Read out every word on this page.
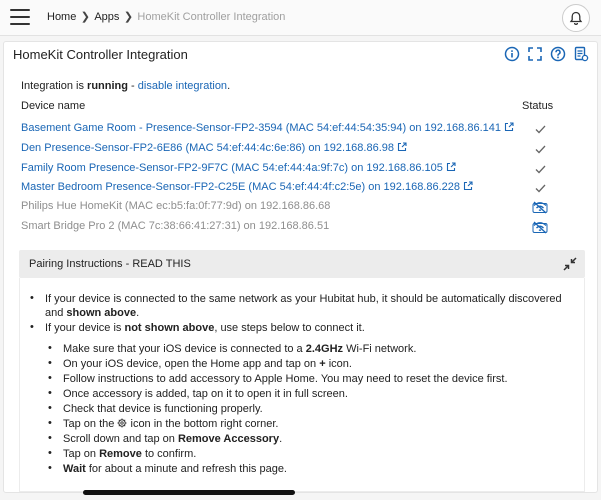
Home ❯ Apps ❯ HomeKit Controller Integration
HomeKit Controller Integration
Integration is running - disable integration.
Device name	Status
Basement Game Room - Presence-Sensor-FP2-3594 (MAC 54:ef:44:54:35:94) on 192.168.86.141
Den Presence-Sensor-FP2-6E86 (MAC 54:ef:44:4c:6e:86) on 192.168.86.98
Family Room Presence-Sensor-FP2-9F7C (MAC 54:ef:44:4a:9f:7c) on 192.168.86.105
Master Bedroom Presence-Sensor-FP2-C25E (MAC 54:ef:44:4f:c2:5e) on 192.168.86.228
Philips Hue HomeKit (MAC ec:b5:fa:0f:77:9d) on 192.168.86.68
Smart Bridge Pro 2 (MAC 7c:38:66:41:27:31) on 192.168.86.51
Pairing Instructions - READ THIS
• If your device is connected to the same network as your Hubitat hub, it should be automatically discovered
and shown above.
• If your device is not shown above, use steps below to connect it.
• Make sure that your iOS device is connected to a 2.4GHz Wi-Fi network.
• On your iOS device, open the Home app and tap on + icon.
• Follow instructions to add accessory to Apple Home. You may need to reset the device first.
• Once accessory is added, tap on it to open it in full screen.
• Check that device is functioning properly.
• Tap on the  icon in the bottom right corner.
• Scroll down and tap on Remove Accessory.
• Tap on Remove to confirm.
• Wait for about a minute and refresh this page.
